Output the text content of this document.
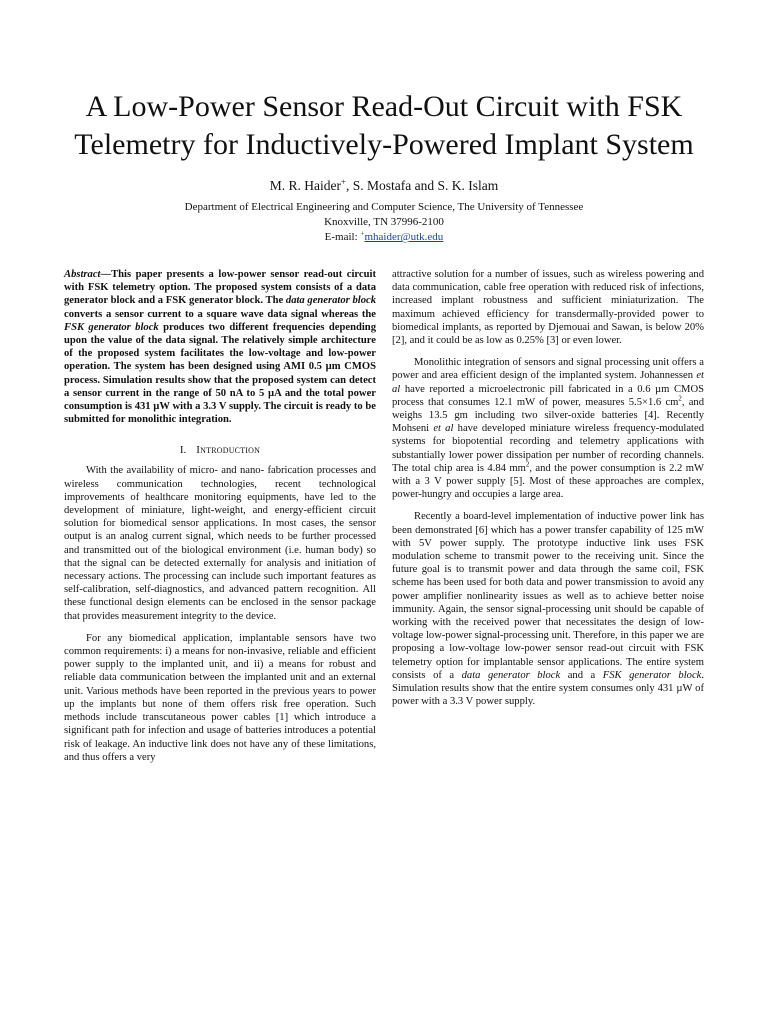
A Low-Power Sensor Read-Out Circuit with FSK
Telemetry for Inductively-Powered Implant System
M. R. Haider+, S. Mostafa and S. K. Islam
Department of Electrical Engineering and Computer Science, The University of Tennessee
Knoxville, TN 37996-2100
E-mail: +mhaider@utk.edu

Abstract—This paper presents a low-power sensor read-out circuit with FSK telemetry option. The proposed system consists of a data generator block and a FSK generator block. The data generator block converts a sensor current to a square wave data signal whereas the FSK generator block produces two different frequencies depending upon the value of the data signal. The relatively simple architecture of the proposed system facilitates the low-voltage and low-power operation. The system has been designed using AMI 0.5 µm CMOS process. Simulation results show that the proposed system can detect a sensor current in the range of 50 nA to 5 µA and the total power consumption is 431 µW with a 3.3 V supply. The circuit is ready to be submitted for monolithic integration.

I. Introduction

With the availability of micro- and nano- fabrication processes and wireless communication technologies, recent technological improvements of healthcare monitoring equipments, have led to the development of miniature, light-weight, and energy-efficient circuit solution for biomedical sensor applications. In most cases, the sensor output is an analog current signal, which needs to be further processed and transmitted out of the biological environment (i.e. human body) so that the signal can be detected externally for analysis and initiation of necessary actions. The processing can include such important features as self-calibration, self-diagnostics, and advanced pattern recognition. All these functional design elements can be enclosed in the sensor package that provides measurement integrity to the device.

For any biomedical application, implantable sensors have two common requirements: i) a means for non-invasive, reliable and efficient power supply to the implanted unit, and ii) a means for robust and reliable data communication between the implanted unit and an external unit. Various methods have been reported in the previous years to power up the implants but none of them offers risk free operation. Such methods include transcutaneous power cables [1] which introduce a significant path for infection and usage of batteries introduces a potential risk of leakage. An inductive link does not have any of these limitations, and thus offers a very

attractive solution for a number of issues, such as wireless powering and data communication, cable free operation with reduced risk of infections, increased implant robustness and sufficient miniaturization. The maximum achieved efficiency for transdermally-provided power to biomedical implants, as reported by Djemouai and Sawan, is below 20% [2], and it could be as low as 0.25% [3] or even lower.

Monolithic integration of sensors and signal processing unit offers a power and area efficient design of the implanted system. Johannessen et al have reported a microelectronic pill fabricated in a 0.6 µm CMOS process that consumes 12.1 mW of power, measures 5.5×1.6 $cm^2$, and weighs 13.5 gm including two silver-oxide batteries [4]. Recently Mohseni et al have developed miniature wireless frequency-modulated systems for biopotential recording and telemetry applications with substantially lower power dissipation per number of recording channels. The total chip area is 4.84 $mm^2$, and the power consumption is 2.2 mW with a 3 V power supply [5]. Most of these approaches are complex, power-hungry and occupies a large area.

Recently a board-level implementation of inductive power link has been demonstrated [6] which has a power transfer capability of 125 mW with 5V power supply. The prototype inductive link uses FSK modulation scheme to transmit power to the receiving unit. Since the future goal is to transmit power and data through the same coil, FSK scheme has been used for both data and power transmission to avoid any power amplifier nonlinearity issues as well as to achieve better noise immunity. Again, the sensor signal-processing unit should be capable of working with the received power that necessitates the design of low-voltage low-power signal-processing unit. Therefore, in this paper we are proposing a low-voltage low-power sensor read-out circuit with FSK telemetry option for implantable sensor applications. The entire system consists of a data generator block and a FSK generator block. Simulation results show that the entire system consumes only 431 µW of power with a 3.3 V power supply.
